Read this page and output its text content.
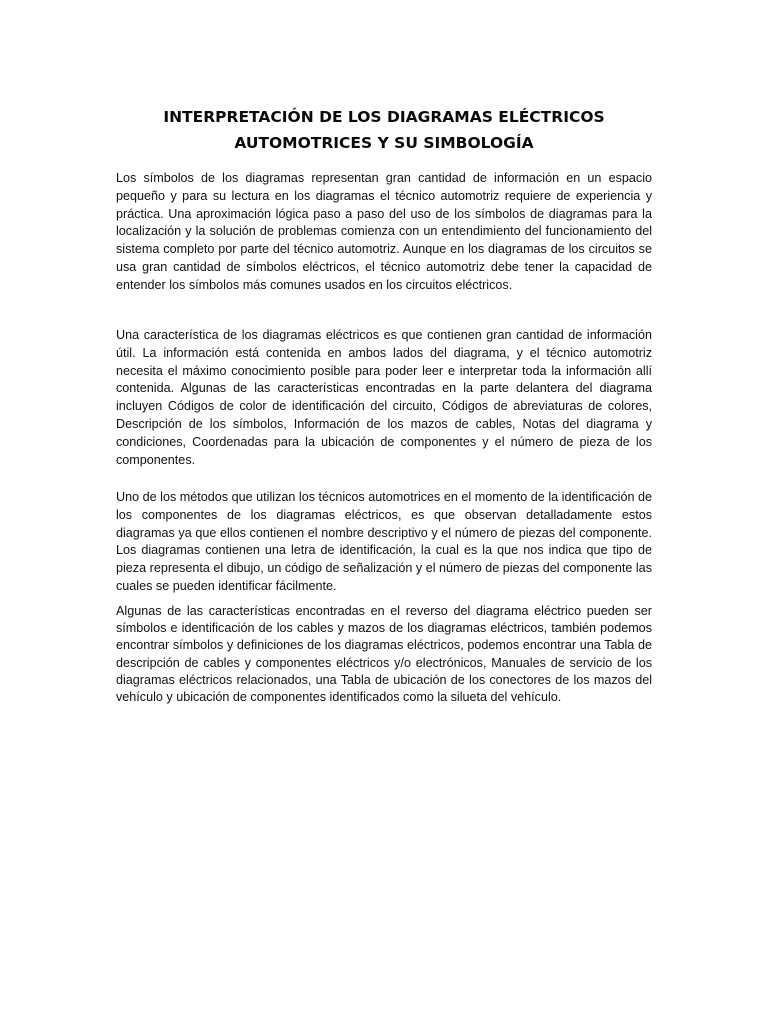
INTERPRETACIÓN DE LOS DIAGRAMAS ELÉCTRICOS
AUTOMOTRICES Y SU SIMBOLOGÍA

Los símbolos de los diagramas representan gran cantidad de información en un espacio pequeño y para su lectura en los diagramas el técnico automotriz requiere de experiencia y práctica. Una aproximación lógica paso a paso del uso de los símbolos de diagramas para la localización y la solución de problemas comienza con un entendimiento del funcionamiento del sistema completo por parte del técnico automotriz. Aunque en los diagramas de los circuitos se usa gran cantidad de símbolos eléctricos, el técnico automotriz debe tener la capacidad de entender los símbolos más comunes usados en los circuitos eléctricos.

Una característica de los diagramas eléctricos es que contienen gran cantidad de información útil. La información está contenida en ambos lados del diagrama, y el técnico automotriz necesita el máximo conocimiento posible para poder leer e interpretar toda la información allí contenida. Algunas de las características encontradas en la parte delantera del diagrama incluyen Códigos de color de identificación del circuito, Códigos de abreviaturas de colores, Descripción de los símbolos, Información de los mazos de cables, Notas del diagrama y condiciones, Coordenadas para la ubicación de componentes y el número de pieza de los componentes.

Uno de los métodos que utilizan los técnicos automotrices en el momento de la identificación de los componentes de los diagramas eléctricos, es que observan detalladamente estos diagramas ya que ellos contienen el nombre descriptivo y el número de piezas del componente. Los diagramas contienen una letra de identificación, la cual es la que nos indica que tipo de pieza representa el dibujo, un código de señalización y el número de piezas del componente las cuales se pueden identificar fácilmente.

Algunas de las características encontradas en el reverso del diagrama eléctrico pueden ser símbolos e identificación de los cables y mazos de los diagramas eléctricos, también podemos encontrar símbolos y definiciones de los diagramas eléctricos, podemos encontrar una Tabla de descripción de cables y componentes eléctricos y/o electrónicos, Manuales de servicio de los diagramas eléctricos relacionados, una Tabla de ubicación de los conectores de los mazos del vehículo y ubicación de componentes identificados como la silueta del vehículo.
